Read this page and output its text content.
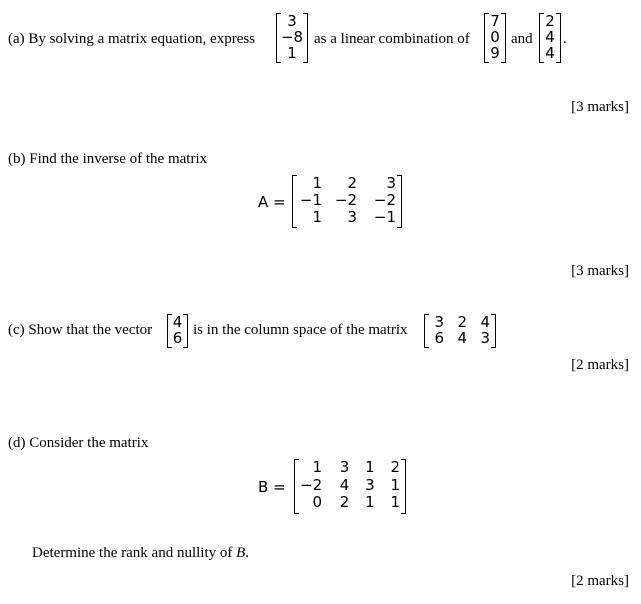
(a) By solving a matrix equation, express
3
−8
1
as a linear combination of
7
0
9
and
2
4
4
.
[3 marks]
(b) Find the inverse of the matrix
A =
1	2	3
−1 −2	−2
1	3	−1
[3 marks]
(c) Show that the vector 4
6 is in the column space of the matrix 3 2 4
6 4 3
[2 marks]
(d) Consider the matrix
B =
1	3	1	2
−2	4	3	1
0	2	1	1
Determine the rank and nullity of B.
[2 marks]
